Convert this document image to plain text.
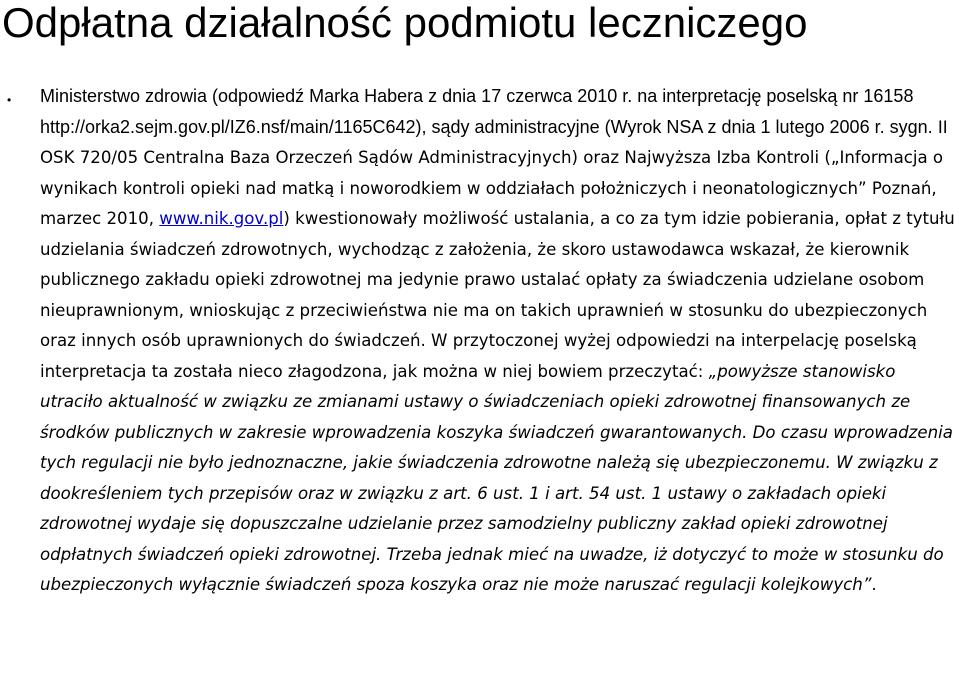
Odpłatna działalność podmiotu leczniczego
• Ministerstwo zdrowia (odpowiedź Marka Habera z dnia 17 czerwca 2010 r. na interpretację poselską nr 16158 http://orka2.sejm.gov.pl/IZ6.nsf/main/1165C642), sądy administracyjne (Wyrok NSA z dnia 1 lutego 2006 r. sygn. II OSK 720/05 Centralna Baza Orzeczeń Sądów Administracyjnych) oraz Najwyższa Izba Kontroli („Informacja o wynikach kontroli opieki nad matką i noworodkiem w oddziałach położniczych i neonatologicznych” Poznań, marzec 2010, www.nik.gov.pl) kwestionowały możliwość ustalania, a co za tym idzie pobierania, opłat z tytułu udzielania świadczeń zdrowotnych, wychodząc z założenia, że skoro ustawodawca wskazał, że kierownik publicznego zakładu opieki zdrowotnej ma jedynie prawo ustalać opłaty za świadczenia udzielane osobom nieuprawnionym, wnioskując z przeciwieństwa nie ma on takich uprawnień w stosunku do ubezpieczonych oraz innych osób uprawnionych do świadczeń. W przytoczonej wyżej odpowiedzi na interpelację poselską interpretacja ta została nieco złagodzona, jak można w niej bowiem przeczytać: „powyższe stanowisko utraciło aktualność w związku ze zmianami ustawy o świadczeniach opieki zdrowotnej finansowanych ze środków publicznych w zakresie wprowadzenia koszyka świadczeń gwarantowanych. Do czasu wprowadzenia tych regulacji nie było jednoznaczne, jakie świadczenia zdrowotne należą się ubezpieczonemu. W związku z dookreśleniem tych przepisów oraz w związku z art. 6 ust. 1 i art. 54 ust. 1 ustawy o zakładach opieki zdrowotnej wydaje się dopuszczalne udzielanie przez samodzielny publiczny zakład opieki zdrowotnej odpłatnych świadczeń opieki zdrowotnej. Trzeba jednak mieć na uwadze, iż dotyczyć to może w stosunku do ubezpieczonych wyłącznie świadczeń spoza koszyka oraz nie może naruszać regulacji kolejkowych”.
